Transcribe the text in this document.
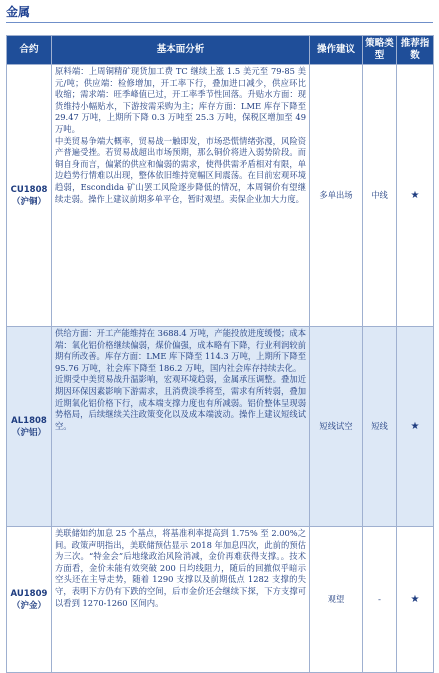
金属
合约	基本面分析	操作建议	策略类型	推荐指数

CU1808
（沪铜）	原料端：上周铜精矿现货加工费 TC 继续上涨 1.5 美元至 79-85 美元/吨；供应端：检修增加，开工率下行，叠加进口减少，供应环比收缩；需求端：旺季峰值已过，开工率季节性回落。升贴水方面：现货维持小幅贴水，下游按需采购为主；库存方面：LME 库存下降至 29.47 万吨，上期所下降 0.3 万吨至 25.3 万吨，保税区增加至 49 万吨。
中美贸易争端大概率，贸易战一触即发，市场恐慌情绪弥漫，风险资产普遍受挫。若贸易战超出市场预期，那么铜价将进入弱势阶段。而铜自身而言，偏紧的供应和偏弱的需求，使得供需矛盾相对有限，单边趋势行情难以出现，整体依旧维持宽幅区间震荡。在目前宏观环境趋弱，Escondida 矿山罢工风险逐步降低的情况，本周铜价有望继续走弱。操作上建议前期多单平仓，暂时观望。卖保企业加大力度。	多单出场	中线	★

AL1808
（沪铝）	供给方面：开工产能维持在 3688.4 万吨，产能投放进度缓慢；成本端：氧化铝价格继续偏弱，煤价偏强，成本略有下降，行业利润较前期有所改善。库存方面：LME 库下降至 114.3 万吨，上期所下降至 95.76 万吨，社会库下降至 186.2 万吨，国内社会库存持续去化。
近期受中美贸易战升温影响，宏观环境趋弱，金属承压调整。叠加近期因环保因素影响下游需求，且消费淡季将至，需求有所转弱，叠加近期氧化铝价格下行，成本端支撑力度也有所减弱。铝价整体呈现弱势格局，后续继续关注政策变化以及成本端波动。操作上建议短线试空。	短线试空	短线	★

AU1809
（沪金）	美联储如约加息 25 个基点，将基准利率提高到 1.75% 至 2.00%之间。政策声明指出，美联储预估显示 2018 年加息四次，此前的预估为三次。“特金会”后地缘政治风险消减，金价再难获得支撑。。技术方面看，金价未能有效突破 200 日均线阻力，随后的回撤似乎暗示空头还在主导走势，随着 1290 支撑以及前期低点 1282 支撑的失守，表明下方仍有下跌的空间，后市金价还会继续下探，下方支撑可以看到 1270-1260 区间内。	观望	-	★
